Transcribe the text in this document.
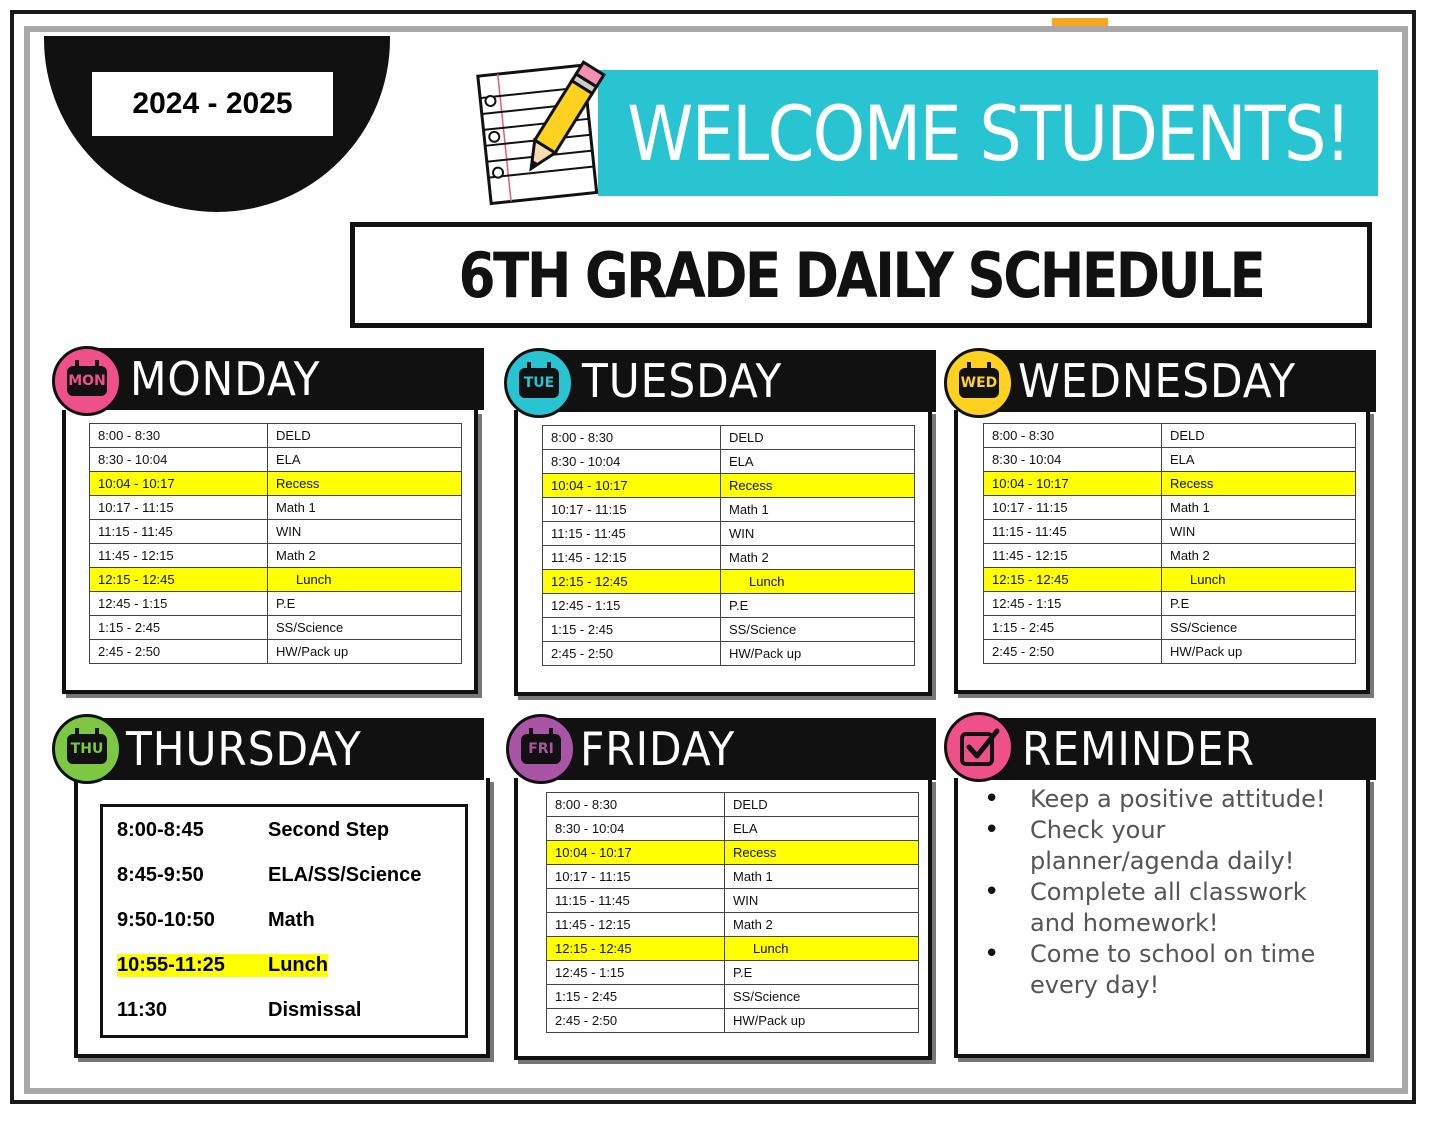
2024 - 2025	WELCOME STUDENTS!
6TH GRADE DAILY SCHEDULE
MONDAY
MON
8:00 - 8:30	DELD
8:30 - 10:04	ELA
10:04 - 10:17	Recess
10:17 - 11:15	Math 1
11:15 - 11:45	WIN
11:45 - 12:15	Math 2
12:15 - 12:45	Lunch
12:45 - 1:15	P.E
1:15 - 2:45	SS/Science
2:45 - 2:50	HW/Pack up
TUESDAY
TUE
8:00 - 8:30	DELD
8:30 - 10:04	ELA
10:04 - 10:17	Recess
10:17 - 11:15	Math 1
11:15 - 11:45	WIN
11:45 - 12:15	Math 2
12:15 - 12:45	Lunch
12:45 - 1:15	P.E
1:15 - 2:45	SS/Science
2:45 - 2:50	HW/Pack up
WEDNESDAY
WED
8:00 - 8:30	DELD
8:30 - 10:04	ELA
10:04 - 10:17	Recess
10:17 - 11:15	Math 1
11:15 - 11:45	WIN
11:45 - 12:15	Math 2
12:15 - 12:45	Lunch
12:45 - 1:15	P.E
1:15 - 2:45	SS/Science
2:45 - 2:50	HW/Pack up
THURSDAY
THU
8:00-8:45	Second Step
8:45-9:50	ELA/SS/Science
9:50-10:50	Math
10:55-11:25 Lunch
11:30	Dismissal
FRIDAY
FRI
8:00 - 8:30	DELD
8:30 - 10:04	ELA
10:04 - 10:17	Recess
10:17 - 11:15	Math 1
11:15 - 11:45	WIN
11:45 - 12:15	Math 2
12:15 - 12:45	Lunch
12:45 - 1:15	P.E
1:15 - 2:45	SS/Science
2:45 - 2:50	HW/Pack up
REMINDER
• Keep a positive attitude!
• Check your planner/agenda daily!
• Complete all classwork and homework!
• Come to school on time every day!
